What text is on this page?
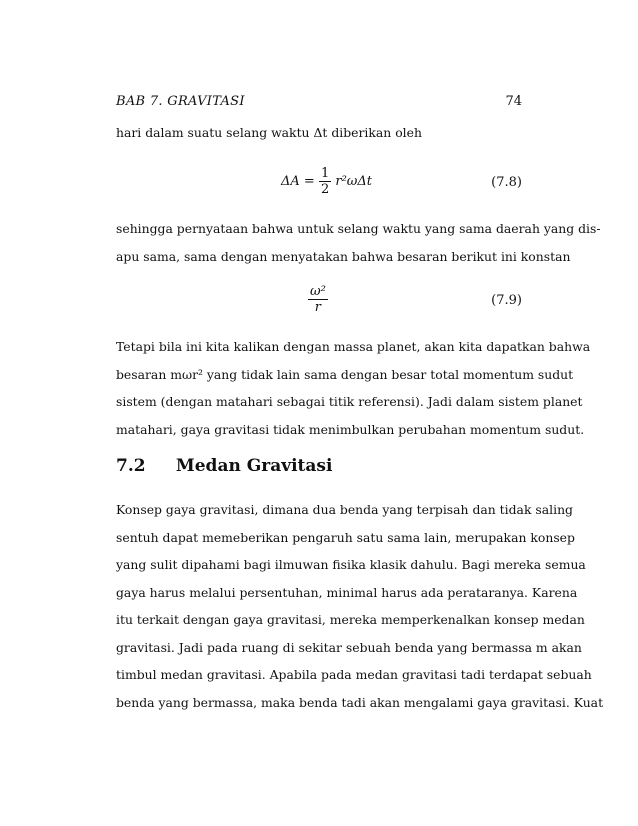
BAB 7. GRAVITASI	74
hari dalam suatu selang waktu Δt diberikan oleh
$\Delta A = \frac{1}{2} r^2\omega\Delta t$	(7.8)
sehingga pernyataan bahwa untuk selang waktu yang sama daerah yang dis-
apu sama, sama dengan menyatakan bahwa besaran berikut ini konstan
$\frac{\text{ω²}}{r}$	(7.9)
Tetapi bila ini kita kalikan dengan massa planet, akan kita dapatkan bahwa
besaran mωr² yang tidak lain sama dengan besar total momentum sudut
sistem (dengan matahari sebagai titik referensi). Jadi dalam sistem planet
matahari, gaya gravitasi tidak menimbulkan perubahan momentum sudut.
7.2 Medan Gravitasi
Konsep gaya gravitasi, dimana dua benda yang terpisah dan tidak saling
sentuh dapat memeberikan pengaruh satu sama lain, merupakan konsep
yang sulit dipahami bagi ilmuwan fisika klasik dahulu. Bagi mereka semua
gaya harus melalui persentuhan, minimal harus ada perataranya. Karena
itu terkait dengan gaya gravitasi, mereka memperkenalkan konsep medan
gravitasi. Jadi pada ruang di sekitar sebuah benda yang bermassa m akan
timbul medan gravitasi. Apabila pada medan gravitasi tadi terdapat sebuah
benda yang bermassa, maka benda tadi akan mengalami gaya gravitasi. Kuat
